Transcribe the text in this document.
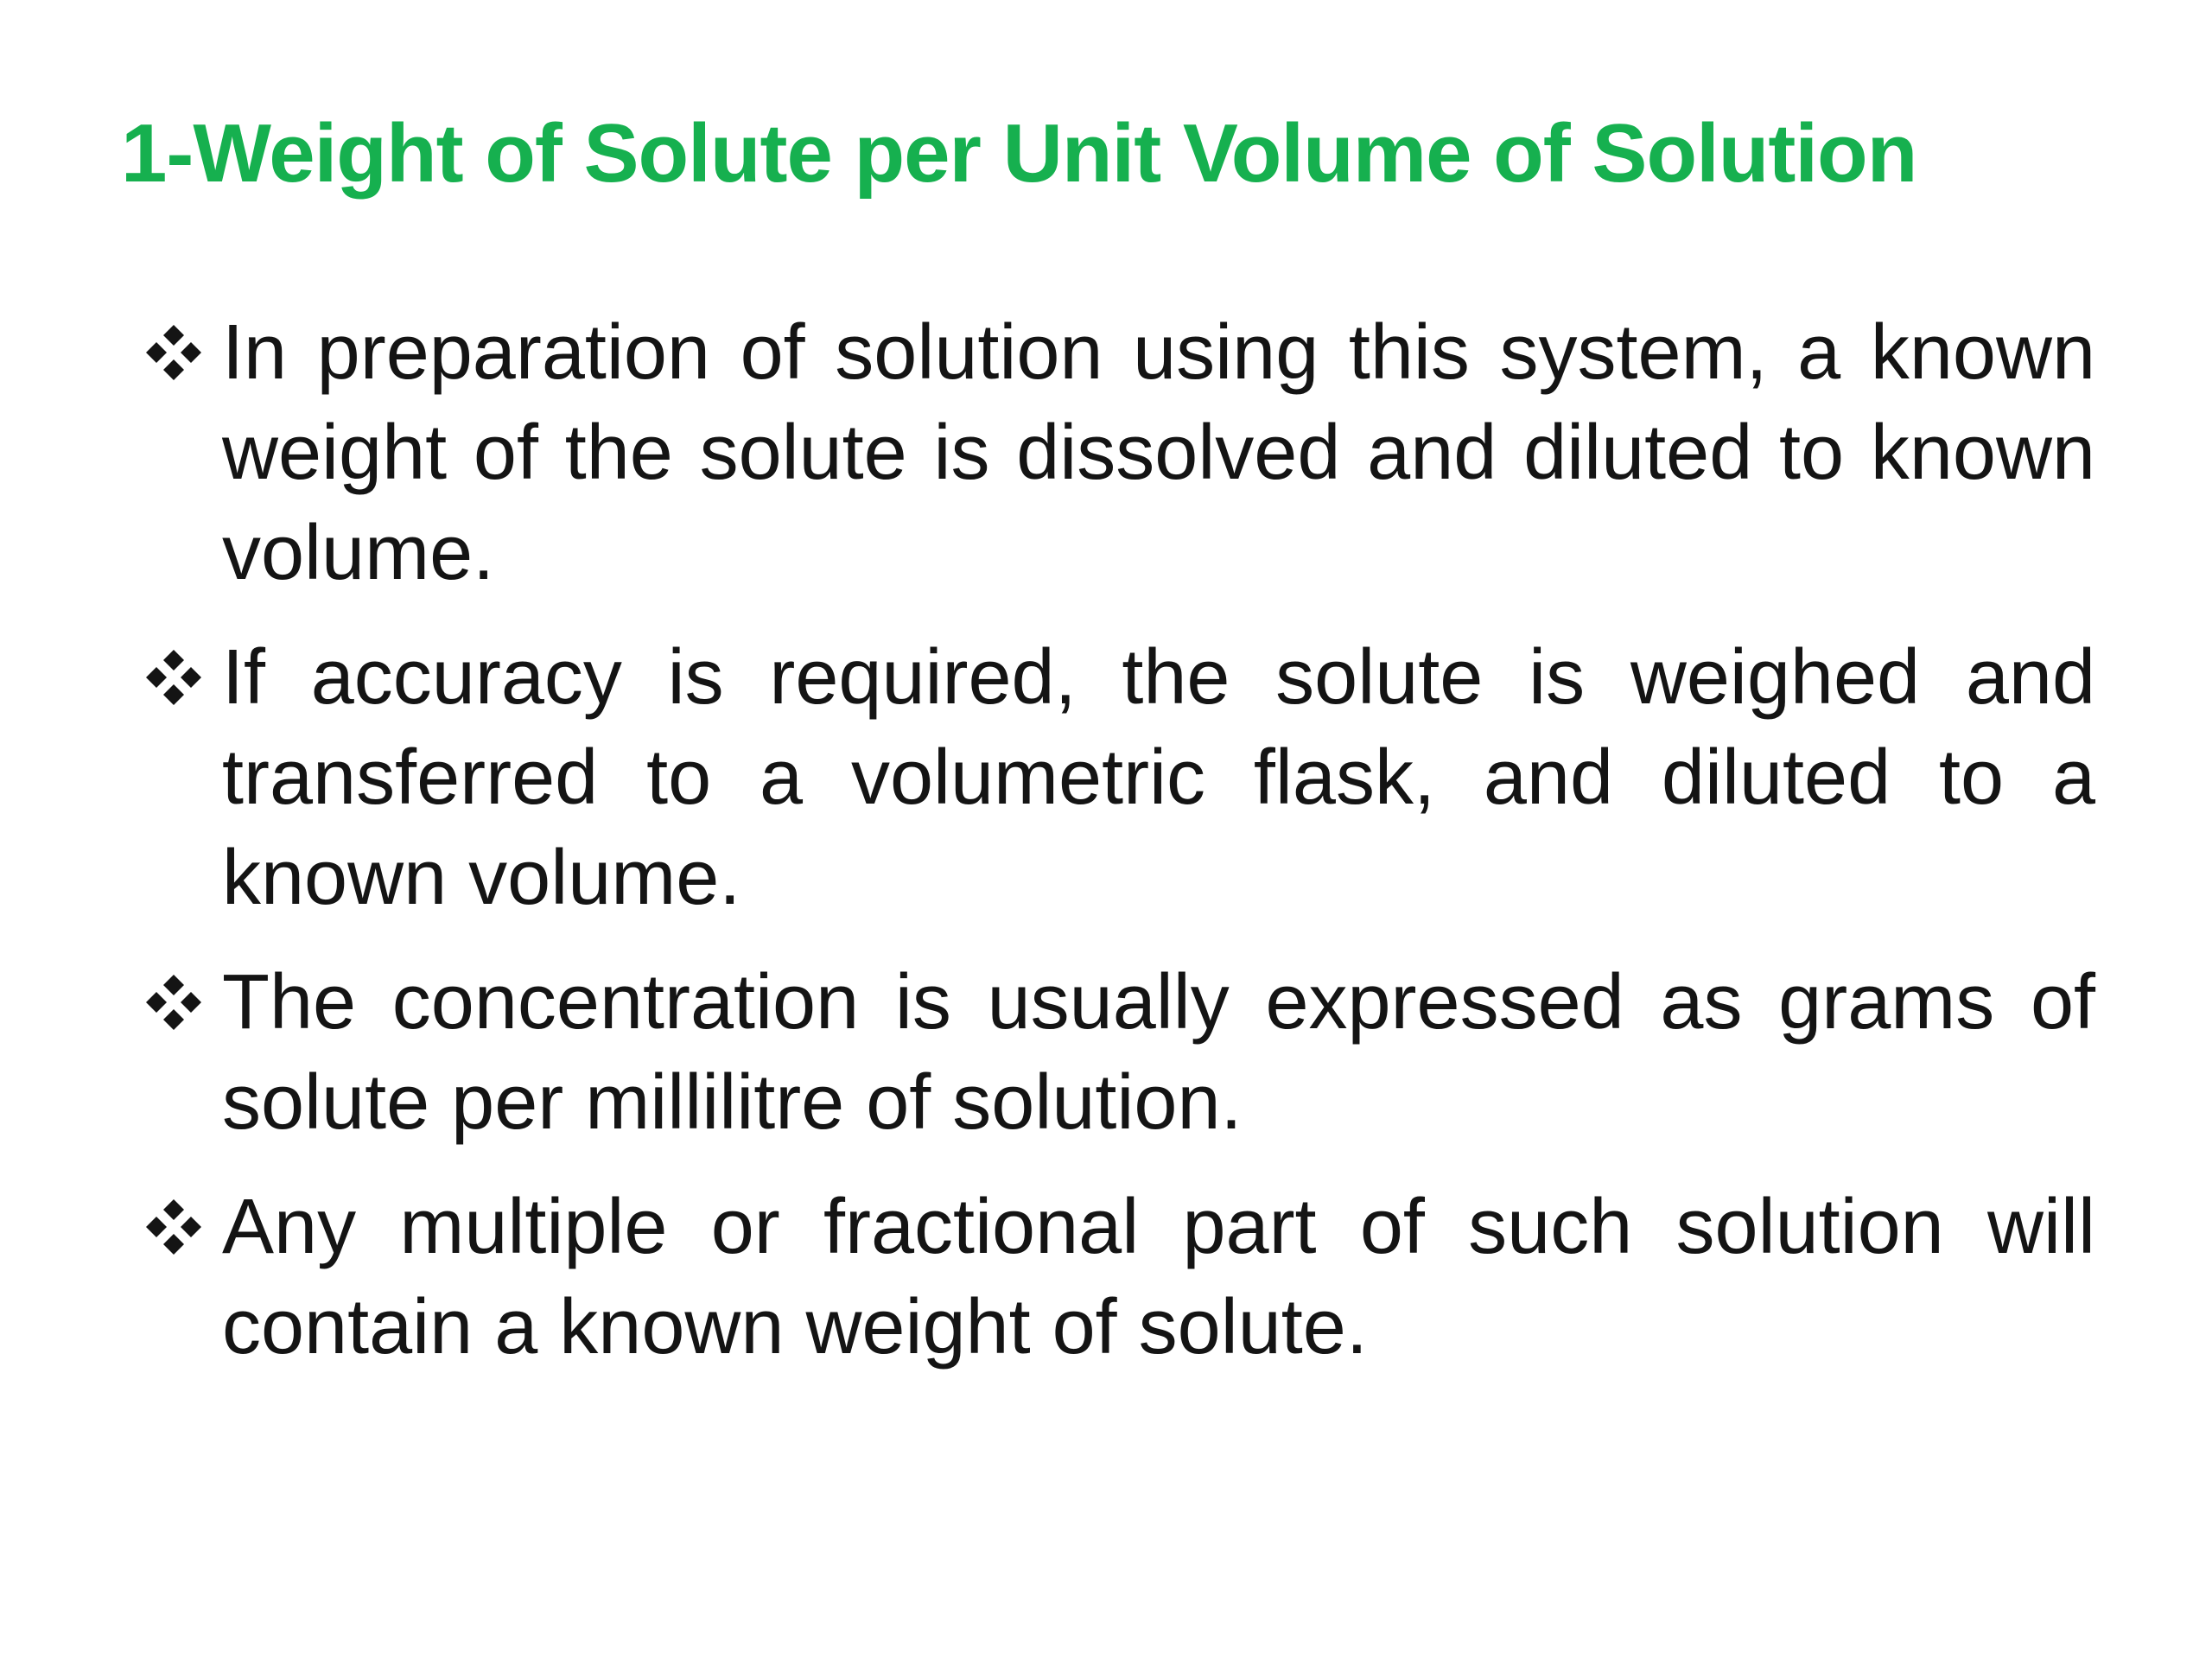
1-Weight of Solute per Unit Volume of Solution
In preparation of solution using this system, a known weight of the solute is dissolved and diluted to known volume.
If accuracy is required, the solute is weighed and transferred to a volumetric flask, and diluted to a known volume.
The concentration is usually expressed as grams of solute per millilitre of solution.
Any multiple or fractional part of such solution will contain a known weight of solute.
